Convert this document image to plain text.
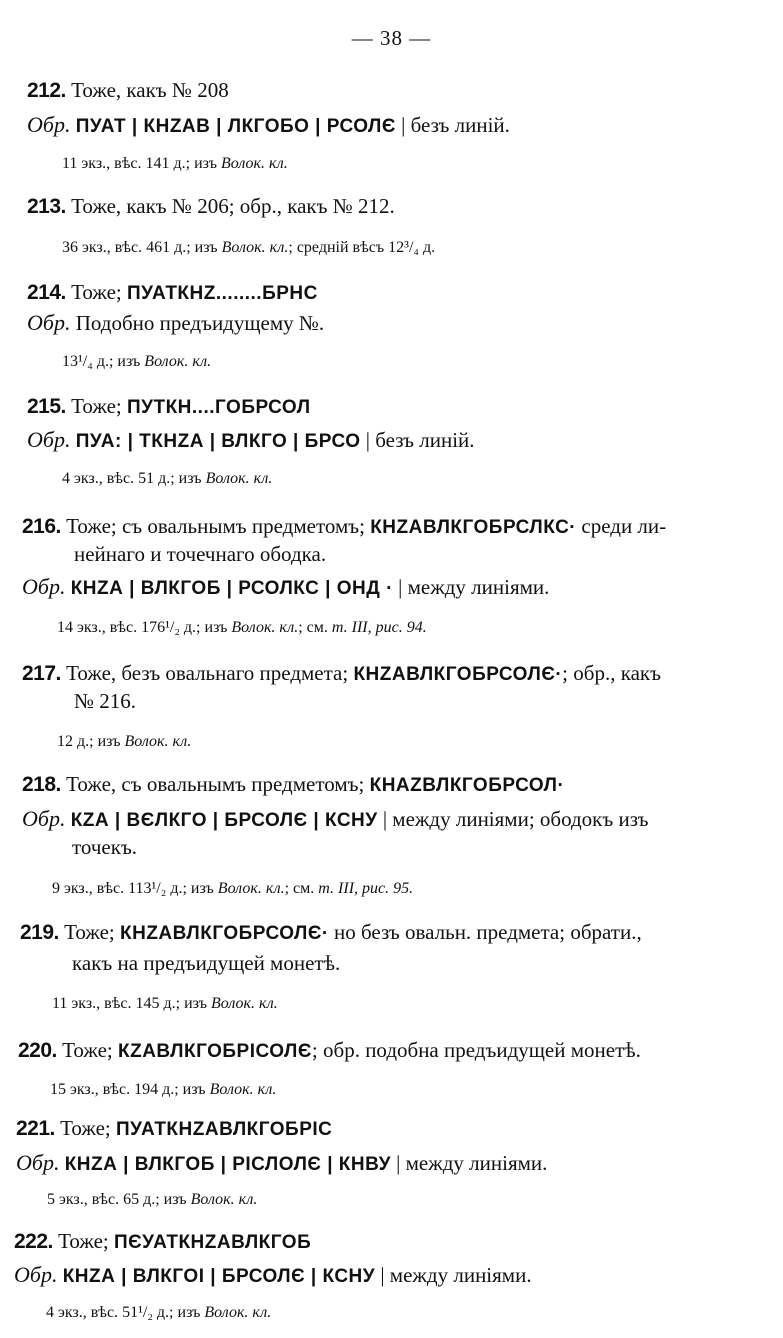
— 38 —
212. Тоже, какъ № 208
Обр. ПУАТ | КНZАВ | ЛКГОБО | РСОЛЄ | безъ линій.
11 экз., вѣс. 141 д.; изъ Волок. кл.
213. Тоже, какъ № 206; обр., какъ № 212.
36 экз., вѣс. 461 д.; изъ Волок. кл.; средній вѣсъ 12³/₄ д.
214. Тоже; ПУАТКНZ........БРНС
Обр. Подобно предъидущему №.
13¹/₄ д.; изъ Волок. кл.
215. Тоже; ПУТКН....ГОБРСОЛ
Обр. ПУА: | ТКНZА | ВЛКГО | БРСО | безъ линій.
4 экз., вѣс. 51 д.; изъ Волок. кл.
216. Тоже; съ овальнымъ предметомъ; КНZАВЛКГОБРСЛКС· среди ли-
нейнаго и точечнаго ободка.
Обр. КНZА | ВЛКГОБ | РСОЛКС | ОНД · | между линіями.
14 экз., вѣс. 176¹/₂ д.; изъ Волок. кл.; см. т. III, рис. 94.
217. Тоже, безъ овальнаго предмета; КНZАВЛКГОБРСОЛЄ·; обр., какъ
№ 216.
12 д.; изъ Волок. кл.
218. Тоже, съ овальнымъ предметомъ; КНАZВЛКГОБРСОЛ·
Обр. КZА | ВЄЛКГО | БРСОЛЄ | КСНУ | между линіями; ободокъ изъ
точекъ.
9 экз., вѣс. 113¹/₂ д.; изъ Волок. кл.; см. т. III, рис. 95.
219. Тоже; КНZАВЛКГОБРСОЛЄ· но безъ овальн. предмета; обрати.,
какъ на предъидущей монетѣ.
11 экз., вѣс. 145 д.; изъ Волок. кл.
220. Тоже; КZАВЛКГОБРІСОЛЄ; обр. подобна предъидущей монетѣ.
15 экз., вѣс. 194 д.; изъ Волок. кл.
221. Тоже; ПУАТКНZАВЛКГОБРІС
Обр. КНZА | ВЛКГОБ | РІСЛОЛЄ | КНВУ | между линіями.
5 экз., вѣс. 65 д.; изъ Волок. кл.
222. Тоже; ПЄУАТКНZАВЛКГОБ
Обр. КНZА | ВЛКГОІ | БРСОЛЄ | КСНУ | между линіями.
4 экз., вѣс. 51¹/₂ д.; изъ Волок. кл.
